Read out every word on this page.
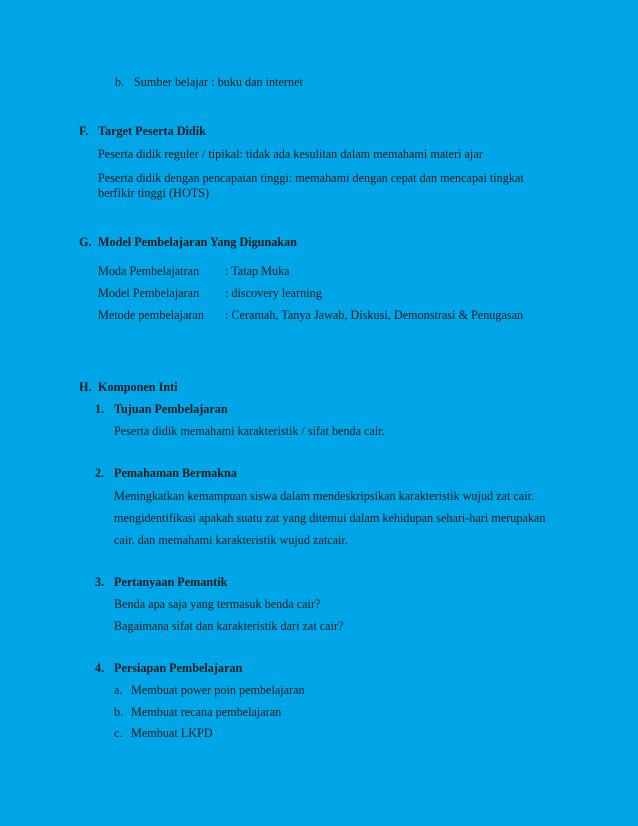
b. Sumber belajar : buku dan internet
F. Target Peserta Didik
Peserta didik reguler / tipikal: tidak ada kesulitan dalam memahami materi ajar
Peserta didik dengan pencapaian tinggi: memahami dengan cepat dan mencapai tingkat
berfikir tinggi (HOTS)
G. Model Pembelajaran Yang Digunakan
Moda Pembelajatran : Tatap Muka
Model Pembelajaran : discovery learning
Metode pembelajaran : Ceramah, Tanya Jawab, Diskusi, Demonstrasi & Penugasan
H. Komponen Inti
1. Tujuan Pembelajaran
Peserta didik memahami karakteristik / sifat benda cair.
2. Pemahaman Bermakna
Meningkatkan kemampuan siswa dalam mendeskripsikan karakteristik wujud zat cair.
mengidentifikasi apakah suatu zat yang ditemui dalam kehidupan sehari-hari merupakan
cair. dan memahami karakteristik wujud zatcair.
3. Pertanyaan Pemantik
Benda apa saja yang termasuk benda cair?
Bagaimana sifat dan karakteristik dari zat cair?
4. Persiapan Pembelajaran
a. Membuat power poin pembelajaran
b. Membuat recana pembelajaran
c. Membuat LKPD
